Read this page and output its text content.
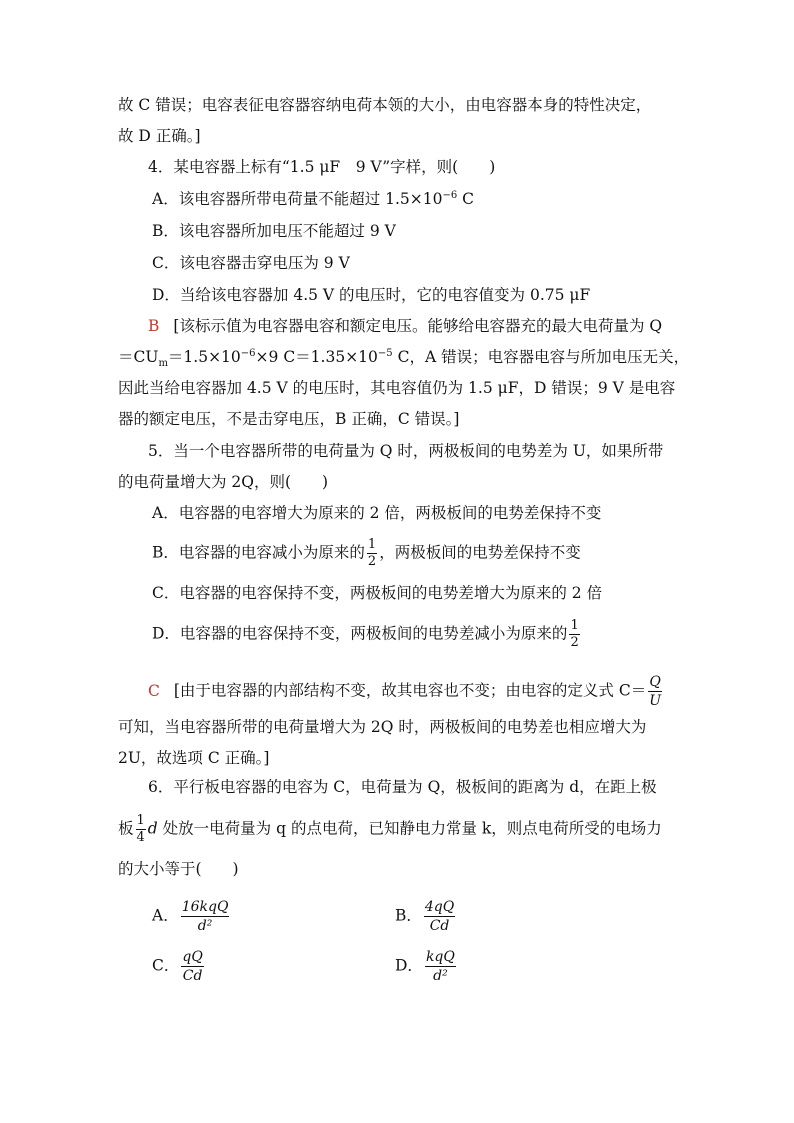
故 C 错误；电容表征电容器容纳电荷本领的大小，由电容器本身的特性决定，
故 D 正确。]
4．某电容器上标有“1.5 μF　9 V”字样，则(　　)
A．该电容器所带电荷量不能超过 $1.5\times 10^{-6}$ C
B．该电容器所加电压不能超过 9 V
C．该电容器击穿电压为 9 V
D．当给该电容器加 4.5 V 的电压时，它的电容值变为 0.75 μF
B [该标示值为电容器电容和额定电压。能够给电容器充的最大电荷量为 Q
$=CU_m=1.5\times 10^{-6}\times 9$ $C=1.35\times 10^{-5}$ C，A 错误；电容器电容与所加电压无关，
因此当给电容器加 4.5 V 的电压时，其电容值仍为 1.5 μF，D 错误；9 V 是电容
器的额定电压，不是击穿电压，B 正确，C 错误。]
5．当一个电容器所带的电荷量为 Q 时，两极板间的电势差为 U，如果所带
的电荷量增大为 2Q，则(　　)
A．电容器的电容增大为原来的 2 倍，两极板间的电势差保持不变
B．电容器的电容减小为原来的 $\frac{1}{2}$ ，两极板间的电势差保持不变
C．电容器的电容保持不变，两极板间的电势差增大为原来的 2 倍
D．电容器的电容保持不变，两极板间的电势差减小为原来的 $\frac{1}{2}$
C [由于电容器的内部结构不变，故其电容也不变；由电容的定义式 $C= \frac{Q}{U}$
可知，当电容器所带的电荷量增大为 2Q 时，两极板间的电势差也相应增大为
2U，故选项 C 正确。]
6．平行板电容器的电容为 C，电荷量为 Q，极板间的距离为 d，在距上极
板 $\frac{1}{4}$ d 处放一电荷量为 q 的点电荷，已知静电力常量 k，则点电荷所受的电场力
的大小等于(　　)
A． $\frac{\text{16kqQ}}{\text{d²}}$	B． $\frac{4qQ}{Cd}$
C． $\frac{qQ}{Cd}$	D． $\frac{\text{kqQ}}{\text{d²}}$
